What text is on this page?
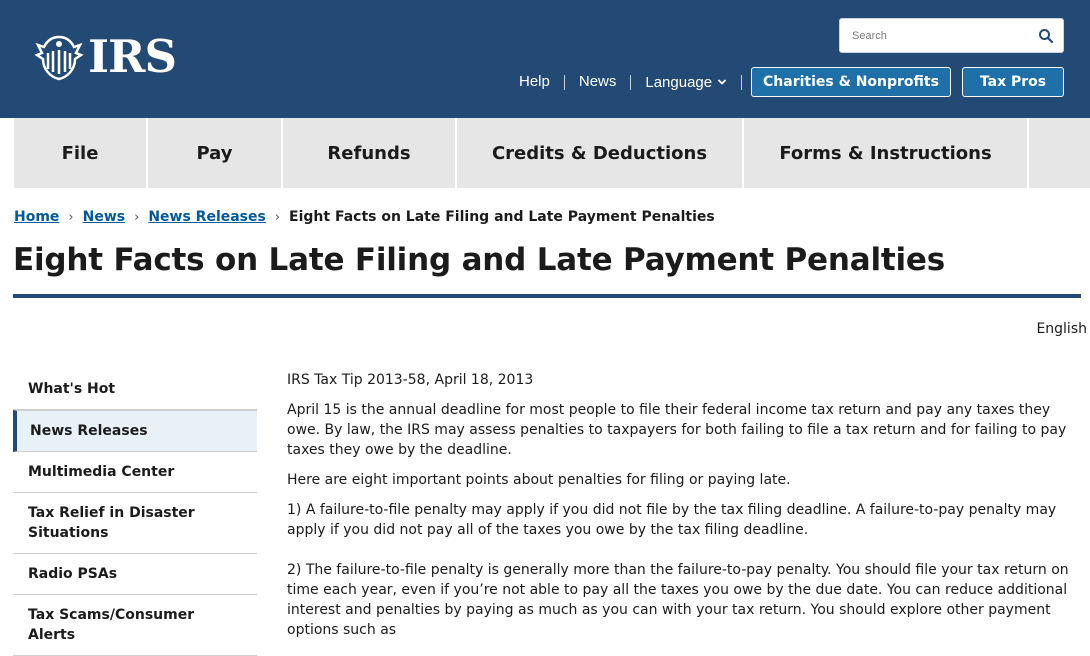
IRS
Search	Help	News	Language	Charities & Nonprofits	Tax Pros
File	Pay	Refunds	Credits & Deductions	Forms & Instructions
Home › News › News Releases › Eight Facts on Late Filing and Late Payment Penalties
Eight Facts on Late Filing and Late Payment Penalties
English
What's Hot
News Releases
Multimedia Center
Tax Relief in Disaster Situations
Radio PSAs
Tax Scams/Consumer Alerts

IRS Tax Tip 2013-58, April 18, 2013

April 15 is the annual deadline for most people to file their federal income tax return and pay any taxes they owe. By law, the IRS may assess penalties to taxpayers for both failing to file a tax return and for failing to pay taxes they owe by the deadline.

Here are eight important points about penalties for filing or paying late.

1) A failure-to-file penalty may apply if you did not file by the tax filing deadline. A failure-to-pay penalty may apply if you did not pay all of the taxes you owe by the tax filing deadline.

2) The failure-to-file penalty is generally more than the failure-to-pay penalty. You should file your tax return on time each year, even if you’re not able to pay all the taxes you owe by the due date. You can reduce additional interest and penalties by paying as much as you can with your tax return. You should explore other payment options such as
